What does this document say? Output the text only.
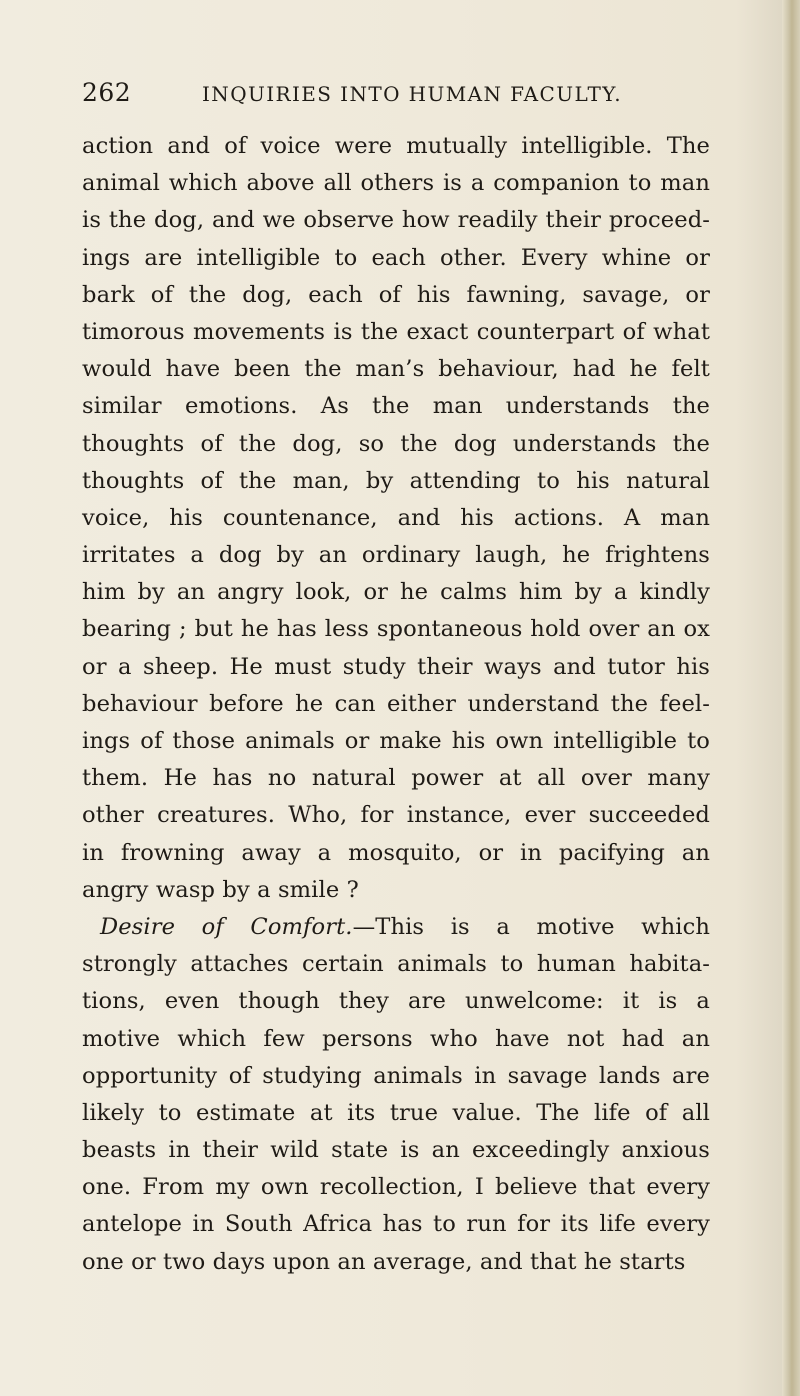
262	INQUIRIES INTO HUMAN FACULTY.
action and of voice were mutually intelligible. The
animal which above all others is a companion to man
is the dog, and we observe how readily their proceed-
ings are intelligible to each other. Every whine or
bark of the dog, each of his fawning, savage, or
timorous movements is the exact counterpart of what
would have been the man’s behaviour, had he felt
similar emotions. As the man understands the
thoughts of the dog, so the dog understands the
thoughts of the man, by attending to his natural
voice, his countenance, and his actions. A man
irritates a dog by an ordinary laugh, he frightens
him by an angry look, or he calms him by a kindly
bearing ; but he has less spontaneous hold over an ox
or a sheep. He must study their ways and tutor his
behaviour before he can either understand the feel-
ings of those animals or make his own intelligible to
them. He has no natural power at all over many
other creatures. Who, for instance, ever succeeded
in frowning away a mosquito, or in pacifying an
angry wasp by a smile ?
Desire of Comfort.—This is a motive which
strongly attaches certain animals to human habita-
tions, even though they are unwelcome: it is a
motive which few persons who have not had an
opportunity of studying animals in savage lands are
likely to estimate at its true value. The life of all
beasts in their wild state is an exceedingly anxious
one. From my own recollection, I believe that every
antelope in South Africa has to run for its life every
one or two days upon an average, and that he starts
